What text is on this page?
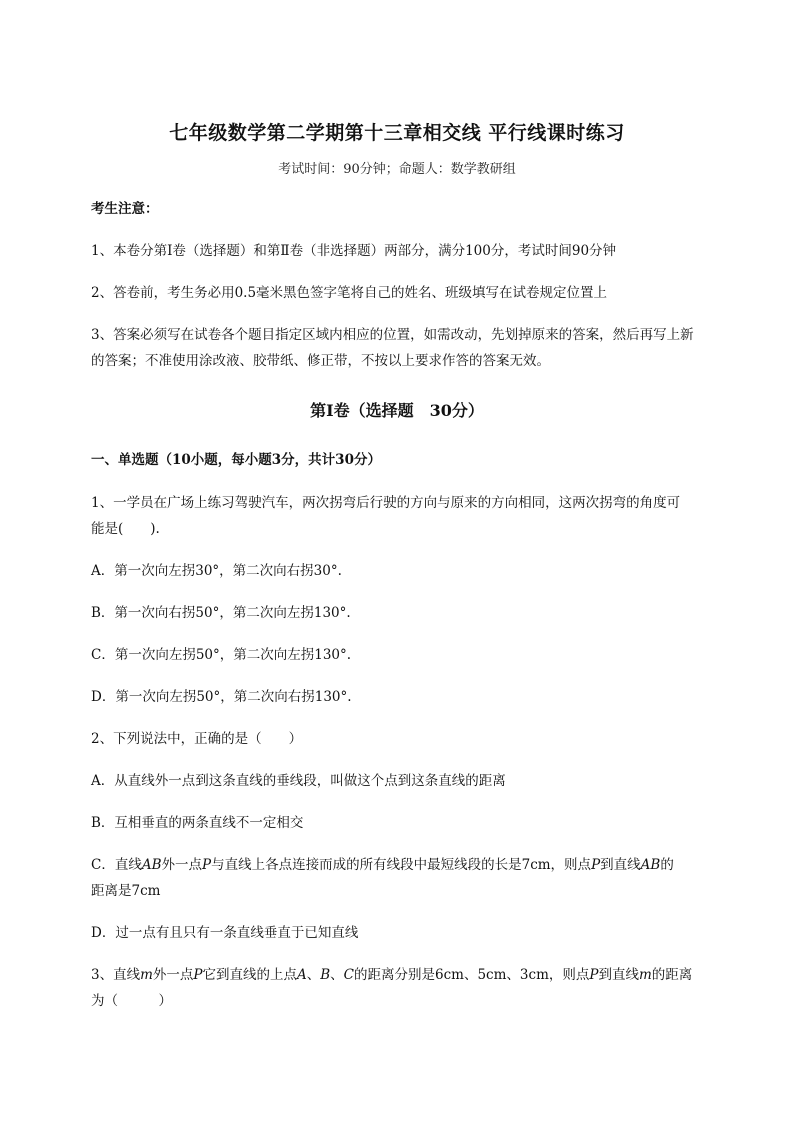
七年级数学第二学期第十三章相交线 平行线课时练习
考试时间：90分钟；命题人：数学教研组
考生注意：
1、本卷分第I卷（选择题）和第Ⅱ卷（非选择题）两部分，满分100分，考试时间90分钟
2、答卷前，考生务必用0.5毫米黑色签字笔将自己的姓名、班级填写在试卷规定位置上
3、答案必须写在试卷各个题目指定区域内相应的位置，如需改动，先划掉原来的答案，然后再写上新
的答案；不准使用涂改液、胶带纸、修正带，不按以上要求作答的答案无效。
第I卷（选择题　30分）
一、单选题（10小题，每小题3分，共计30分）
1、一学员在广场上练习驾驶汽车，两次拐弯后行驶的方向与原来的方向相同，这两次拐弯的角度可
能是(　　).
A．第一次向左拐30°，第二次向右拐30°.
B．第一次向右拐50°，第二次向左拐130°.
C．第一次向左拐50°，第二次向左拐130°.
D．第一次向左拐50°，第二次向右拐130°.
2、下列说法中，正确的是（　　）
A．从直线外一点到这条直线的垂线段，叫做这个点到这条直线的距离
B．互相垂直的两条直线不一定相交
C．直线AB外一点P与直线上各点连接而成的所有线段中最短线段的长是7cm，则点P到直线AB的
距离是7cm
D．过一点有且只有一条直线垂直于已知直线
3、直线m外一点P它到直线的上点A、B、C的距离分别是6cm、5cm、3cm，则点P到直线m的距离
为（　　　）
